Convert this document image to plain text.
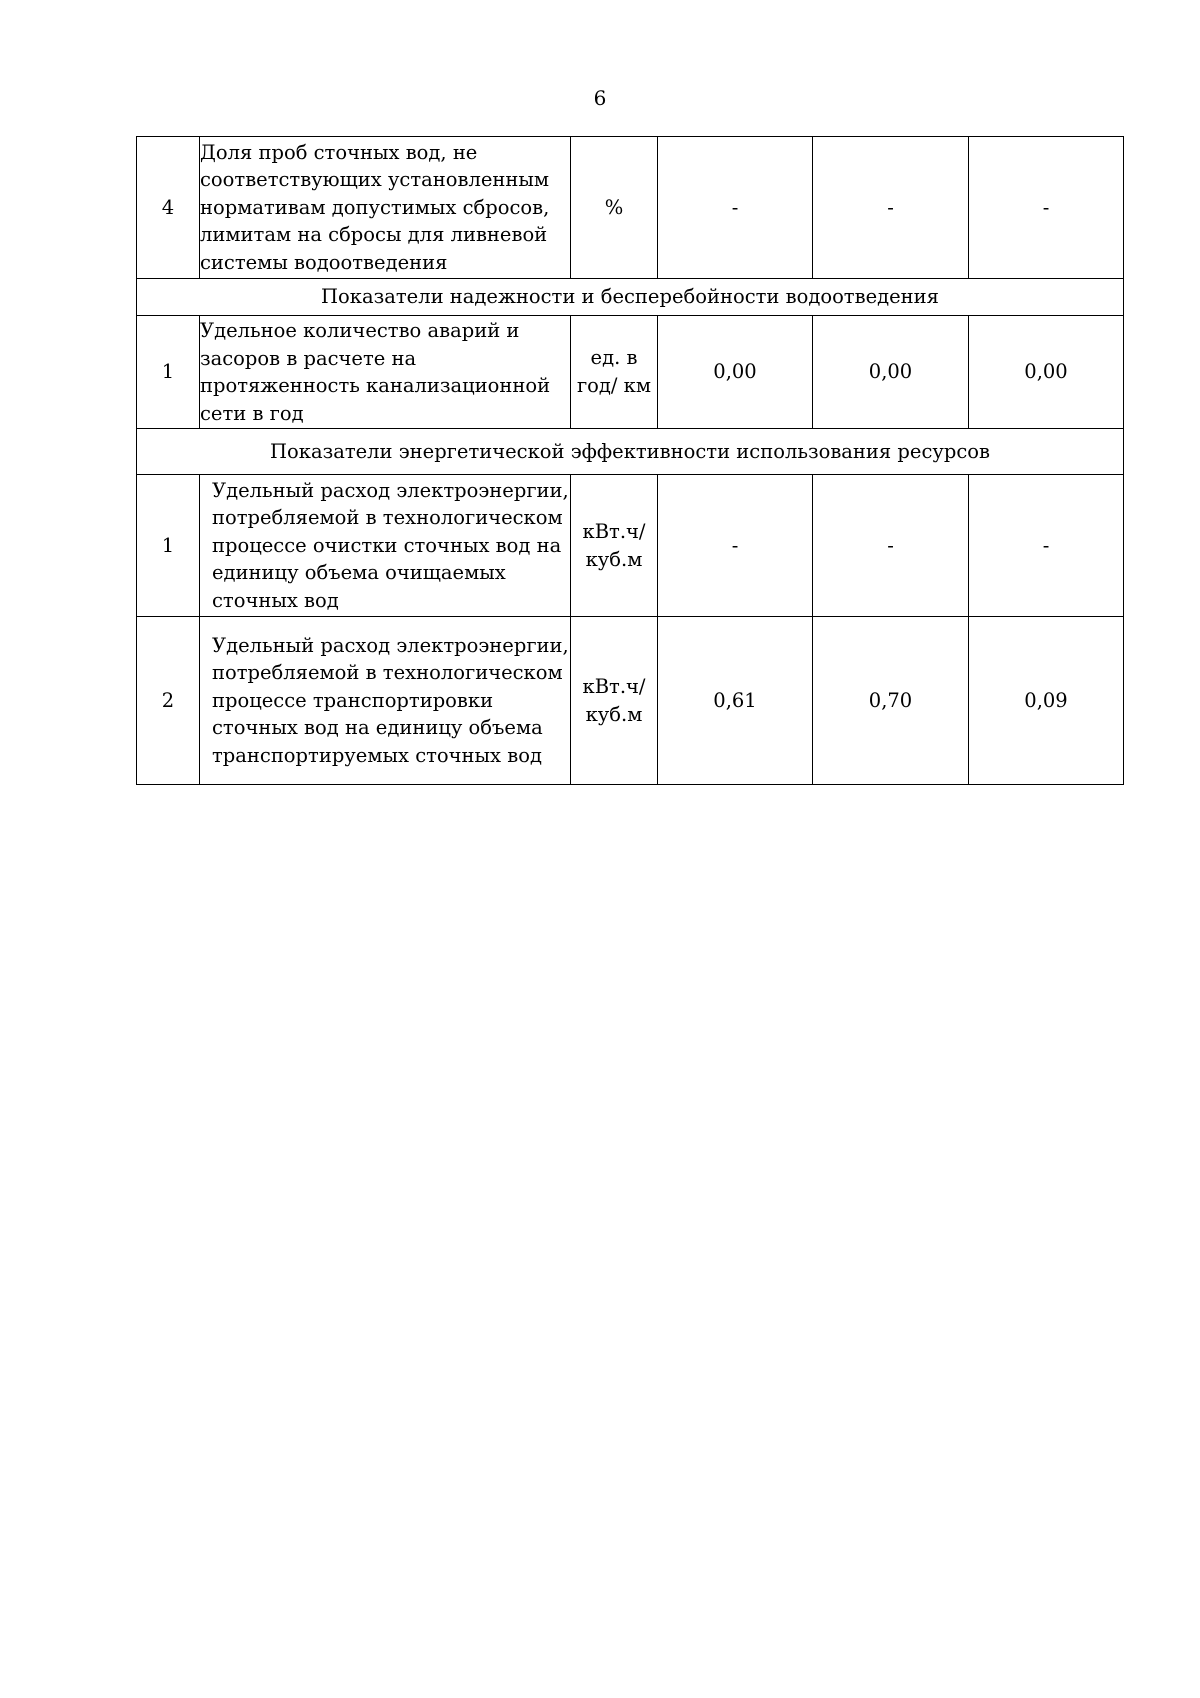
6
4	Доля проб сточных вод, не соответствующих установленным нормативам допустимых сбросов, лимитам на сбросы для ливневой системы водоотведения	%	-	-	-
Показатели надежности и бесперебойности водоотведения					
1	Удельное количество аварий и засоров в расчете на протяженность канализационной сети в год	ед. в год/ км	0,00	0,00	0,00
Показатели энергетической эффективности использования ресурсов					
1	Удельный расход электроэнергии, потребляемой в технологическом процессе очистки сточных вод на единицу объема очищаемых сточных вод	кВт.ч/ куб.м	-	-	-
2	Удельный расход электроэнергии, потребляемой в технологическом процессе транспортировки сточных вод на единицу объема транспортируемых сточных вод	кВт.ч/ куб.м	0,61	0,70	0,09
